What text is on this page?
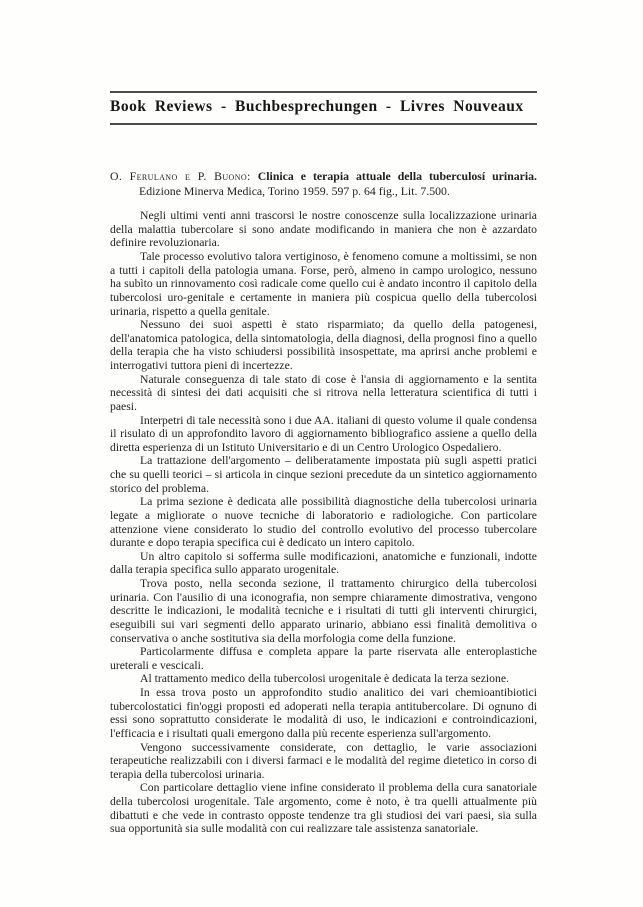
Book Reviews - Buchbesprechungen - Livres Nouveaux
O. Ferulano e P. Buono: Clinica e terapia attuale della tuberculosí urinaria. Edizione Minerva Medica, Torino 1959. 597 p. 64 fig., Lit. 7.500.

Negli ultimi venti anni trascorsi le nostre conoscenze sulla localizzazione urinaria della malattia tubercolare si sono andate modificando in maniera che non è azzardato definire revoluzionaria.

Tale processo evolutivo talora vertiginoso, è fenomeno comune a moltissimi, se non a tutti i capitoli della patologia umana. Forse, però, almeno in campo urologico, nessuno ha subìto un rinnovamento così radicale come quello cui è andato incontro il capitolo della tubercolosi uro-genitale e certamente in maniera più cospicua quello della tubercolosi urinaria, rispetto a quella genitale.

Nessuno dei suoi aspetti è stato risparmiato; da quello della patogenesi, dell'anatomica patologica, della sintomatologia, della diagnosi, della prognosi fino a quello della terapia che ha visto schiudersi possibilità insospettate, ma aprirsi anche problemi e interrogativi tuttora pieni di incertezze.

Naturale conseguenza di tale stato di cose è l'ansia di aggiornamento e la sentita necessità di sintesi dei dati acquisiti che si ritrova nella letteratura scientifica di tutti i paesi.

Interpetri di tale necessità sono i due AA. italiani di questo volume il quale condensa il risulato di un approfondito lavoro di aggiornamento bibliografico assiene a quello della diretta esperienza di un Istituto Universitario e di un Centro Urologico Ospedaliero.

La trattazione dell'argomento – deliberatamente impostata più sugli aspetti pratici che su quelli teorici – si articola in cinque sezioni precedute da un sintetico aggiornamento storico del problema.

La prima sezione è dedicata alle possibilità diagnostiche della tubercolosi urinaria legate a migliorate o nuove tecniche di laboratorio e radiologiche. Con particolare attenzione viene considerato lo studio del controllo evolutivo del processo tubercolare durante e dopo terapia specifica cui è dedicato un intero capitolo.

Un altro capitolo si sofferma sulle modificazioni, anatomiche e funzionali, indotte dalla terapia specifica sullo apparato urogenitale.

Trova posto, nella seconda sezione, il trattamento chirurgico della tubercolosi urinaria. Con l'ausilio di una iconografia, non sempre chiaramente dimostrativa, vengono descritte le indicazioni, le modalità tecniche e i risultati di tutti gli interventi chirurgici, eseguibili sui vari segmenti dello apparato urinario, abbiano essi finalità demolitiva o conservativa o anche sostitutiva sia della morfologia come della funzione.

Particolarmente diffusa e completa appare la parte riservata alle enteroplastiche ureterali e vescicali.

Al trattamento medico della tubercolosi urogenitale è dedicata la terza sezione.

In essa trova posto un approfondito studio analitico dei vari chemioantibiotici tubercolostatici fin'oggi proposti ed adoperati nella terapia antitubercolare. Di ognuno di essi sono soprattutto considerate le modalità di uso, le indicazioni e controindicazioni, l'efficacia e i risultati quali emergono dalla più recente esperienza sull'argomento.

Vengono successivamente considerate, con dettaglio, le varie associazioni terapeutiche realizzabili con i diversi farmaci e le modalità del regime dietetico in corso di terapia della tubercolosi urinaria.

Con particolare dettaglio viene infine considerato il problema della cura sanatoriale della tubercolosi urogenitale. Tale argomento, come è noto, è tra quelli attualmente più dibattuti e che vede in contrasto opposte tendenze tra gli studiosi dei vari paesi, sia sulla sua opportunità sia sulle modalità con cui realizzare tale assistenza sanatoriale.
